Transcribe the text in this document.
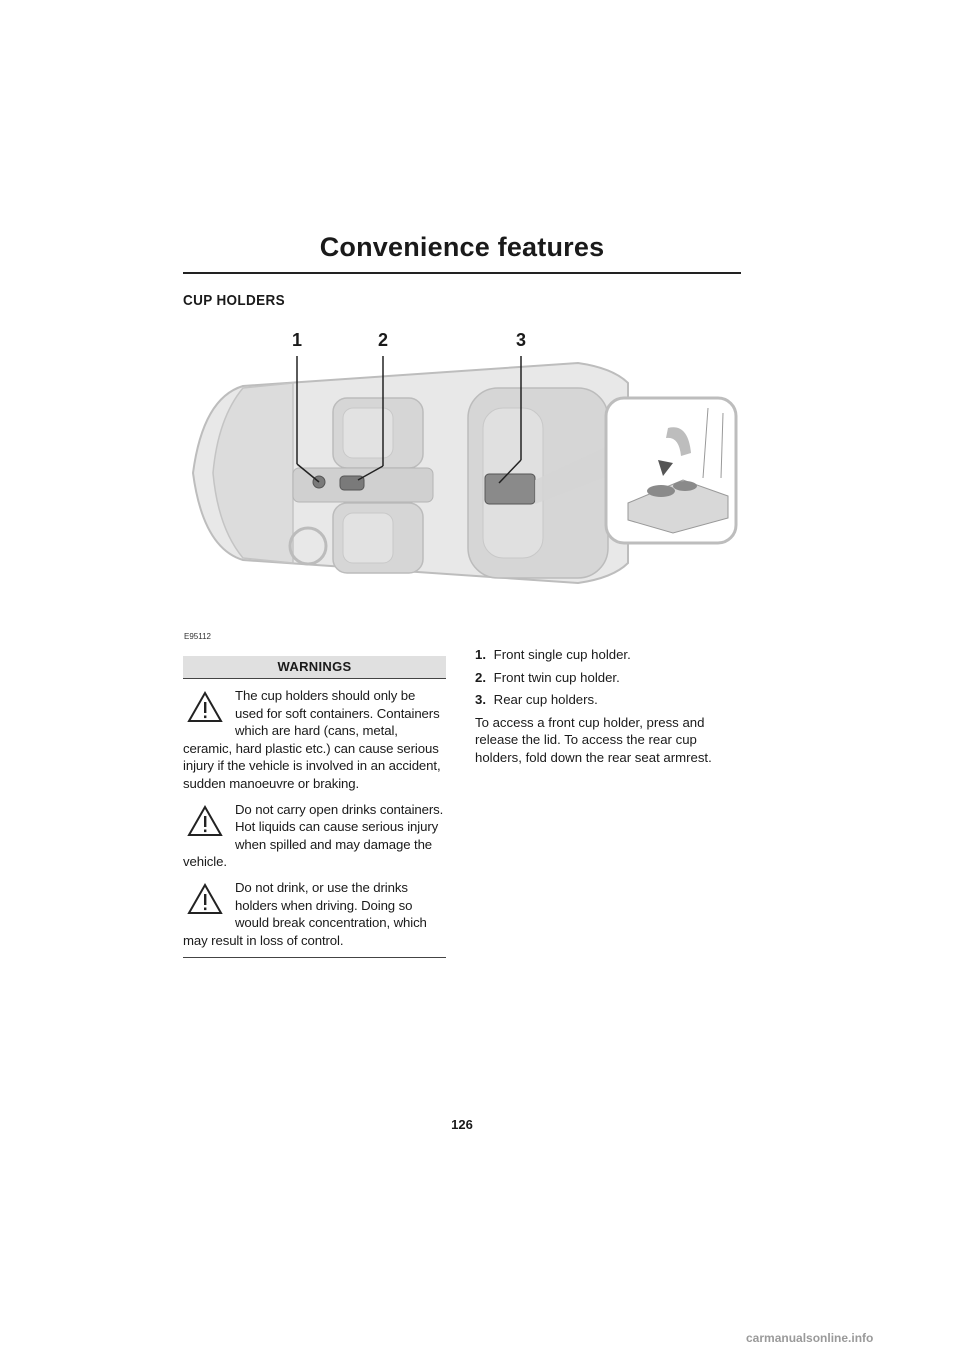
Convenience features
CUP HOLDERS
1	2	3
E95112
WARNINGS
The cup holders should only be used for soft containers. Containers which are hard (cans, metal, ceramic, hard plastic etc.) can cause serious injury if the vehicle is involved in an accident, sudden manoeuvre or braking.
Do not carry open drinks containers. Hot liquids can cause serious injury when spilled and may damage the vehicle.
Do not drink, or use the drinks holders when driving. Doing so would break concentration, which may result in loss of control.
1. Front single cup holder.
2. Front twin cup holder.
3. Rear cup holders.
To access a front cup holder, press and release the lid. To access the rear cup holders, fold down the rear seat armrest.
126
carmanualsonline.info
